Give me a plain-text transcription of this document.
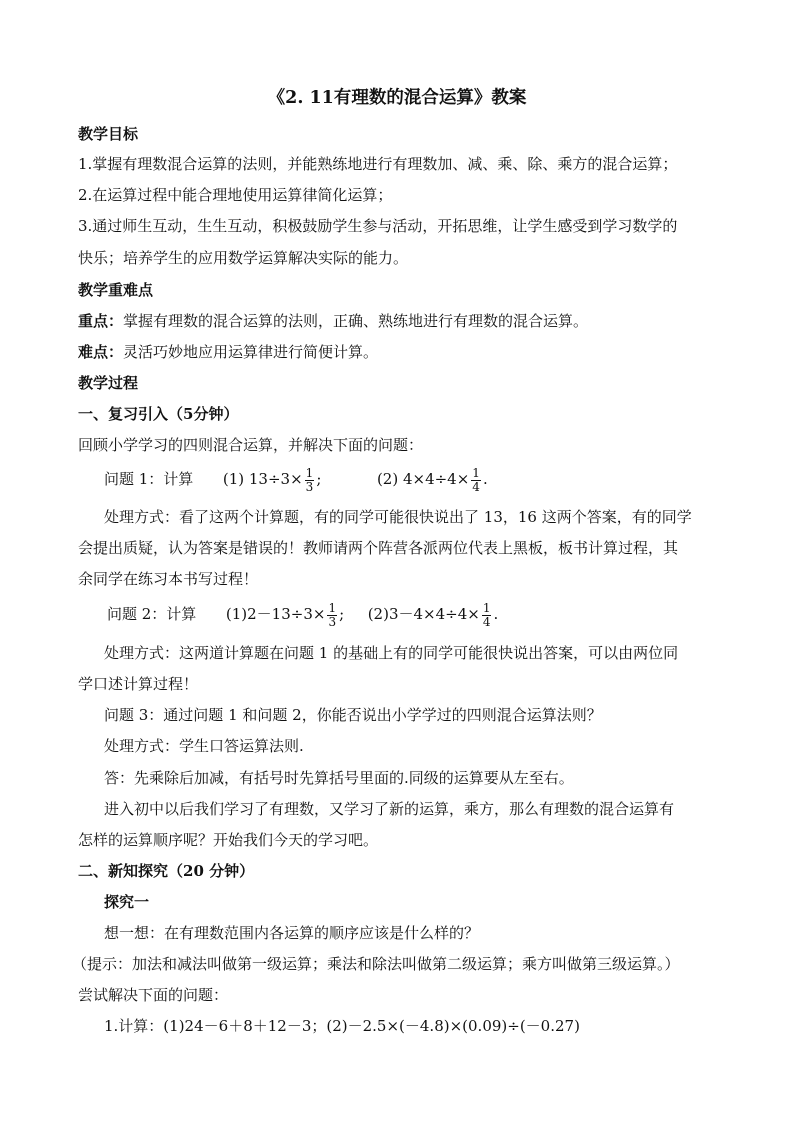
《2. 11有理数的混合运算》教案
教学目标
1.掌握有理数混合运算的法则，并能熟练地进行有理数加、减、乘、除、乘方的混合运算；
2.在运算过程中能合理地使用运算律简化运算；
3.通过师生互动，生生互动，积极鼓励学生参与活动，开拓思维，让学生感受到学习数学的
快乐；培养学生的应用数学运算解决实际的能力。
教学重难点
重点：掌握有理数的混合运算的法则，正确、熟练地进行有理数的混合运算。
难点：灵活巧妙地应用运算律进行简便计算。
教学过程
一、复习引入（5分钟）
回顾小学学习的四则混合运算，并解决下面的问题：
问题 1：计算 (1) $13\div 3\times \frac{1}{3}$ ;	(2) $4\times 4\div 4\times \frac{1}{4}$ .
处理方式：看了这两个计算题，有的同学可能很快说出了 13，16 这两个答案，有的同学
会提出质疑，认为答案是错误的！教师请两个阵营各派两位代表上黑板，板书计算过程，其
余同学在练习本书写过程！
问题 2：计算 $(1)2-13\div 3\times \frac{1}{3}$ ; $(2)3-4\times 4\div 4\times \frac{1}{4}$ .
处理方式：这两道计算题在问题 1 的基础上有的同学可能很快说出答案，可以由两位同
学口述计算过程！
问题 3：通过问题 1 和问题 2，你能否说出小学学过的四则混合运算法则？
处理方式：学生口答运算法则.
答：先乘除后加减，有括号时先算括号里面的.同级的运算要从左至右。
进入初中以后我们学习了有理数，又学习了新的运算，乘方，那么有理数的混合运算有
怎样的运算顺序呢？开始我们今天的学习吧。
二、新知探究（20 分钟）
探究一
想一想：在有理数范围内各运算的顺序应该是什么样的？
（提示：加法和减法叫做第一级运算；乘法和除法叫做第二级运算；乘方叫做第三级运算。）
尝试解决下面的问题：
1.计算：(1)24－6＋8＋12－3；(2)－2.5×(－4.8)×(0.09)÷(－0.27)
